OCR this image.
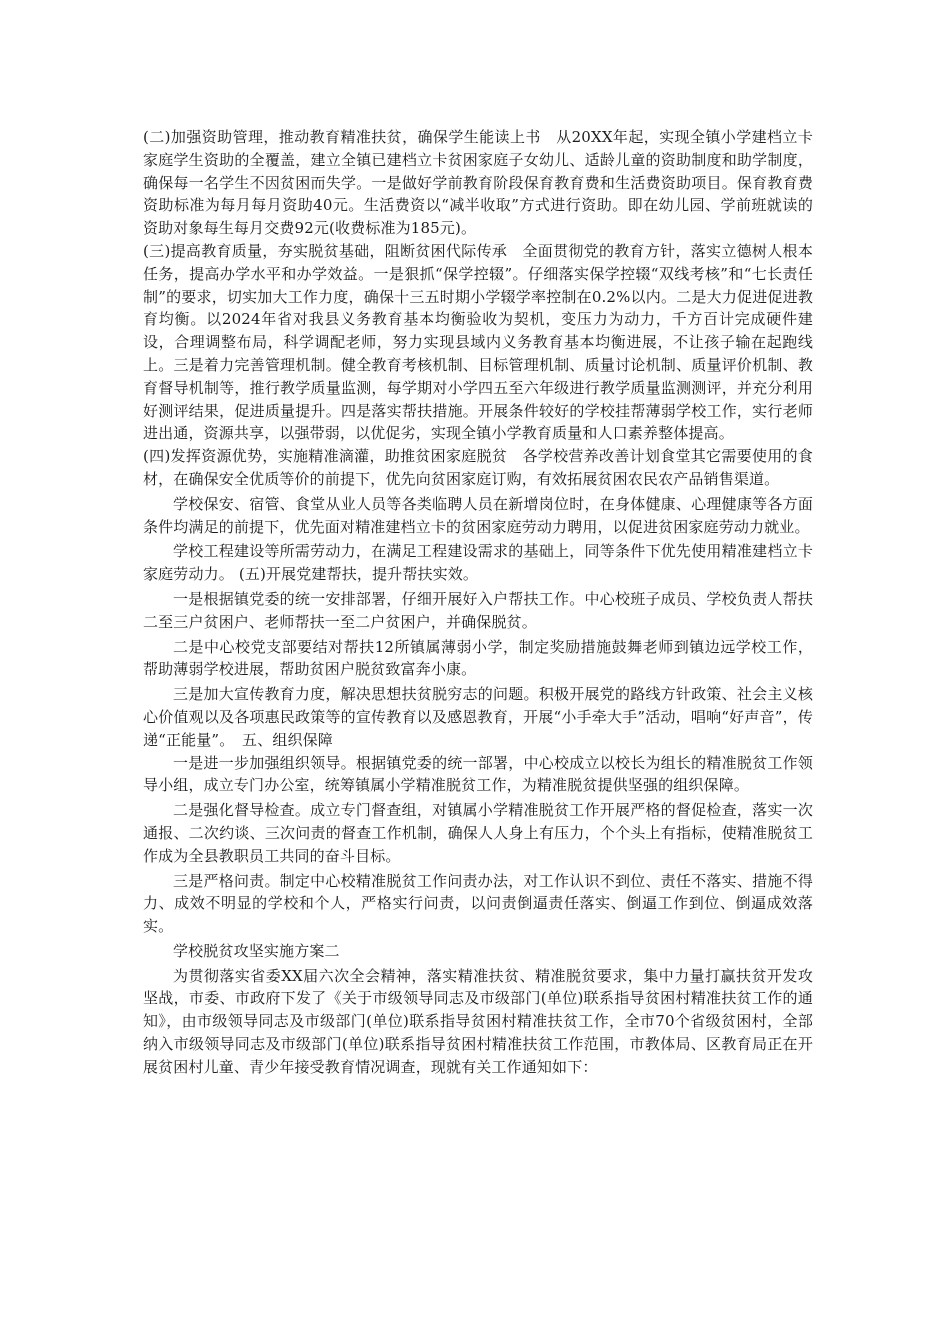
(二)加强资助管理，推动教育精准扶贫，确保学生能读上书　从20XX年起，实现全镇小学建档立卡家庭学生资助的全覆盖，建立全镇已建档立卡贫困家庭子女幼儿、适龄儿童的资助制度和助学制度，确保每一名学生不因贫困而失学。一是做好学前教育阶段保育教育费和生活费资助项目。保育教育费资助标准为每月每月资助40元。生活费资以“减半收取”方式进行资助。即在幼儿园、学前班就读的资助对象每生每月交费92元(收费标准为185元)。

(三)提高教育质量，夯实脱贫基础，阻断贫困代际传承　全面贯彻党的教育方针，落实立德树人根本任务，提高办学水平和办学效益。一是狠抓“保学控辍”。仔细落实保学控辍“双线考核”和“七长责任制”的要求，切实加大工作力度，确保十三五时期小学辍学率控制在0.2%以内。二是大力促进促进教育均衡。以2024年省对我县义务教育基本均衡验收为契机，变压力为动力，千方百计完成硬件建设，合理调整布局，科学调配老师，努力实现县域内义务教育基本均衡进展，不让孩子输在起跑线上。三是着力完善管理机制。健全教育考核机制、目标管理机制、质量讨论机制、质量评价机制、教育督导机制等，推行教学质量监测，每学期对小学四五至六年级进行教学质量监测测评，并充分利用好测评结果，促进质量提升。四是落实帮扶措施。开展条件较好的学校挂帮薄弱学校工作，实行老师进出通，资源共享，以强带弱，以优促劣，实现全镇小学教育质量和人口素养整体提高。

(四)发挥资源优势，实施精准滴灌，助推贫困家庭脱贫　各学校营养改善计划食堂其它需要使用的食材，在确保安全优质等价的前提下，优先向贫困家庭订购，有效拓展贫困农民农产品销售渠道。

学校保安、宿管、食堂从业人员等各类临聘人员在新增岗位时，在身体健康、心理健康等各方面条件均满足的前提下，优先面对精准建档立卡的贫困家庭劳动力聘用，以促进贫困家庭劳动力就业。

学校工程建设等所需劳动力，在满足工程建设需求的基础上，同等条件下优先使用精准建档立卡家庭劳动力。 (五)开展党建帮扶，提升帮扶实效。

一是根据镇党委的统一安排部署，仔细开展好入户帮扶工作。中心校班子成员、学校负责人帮扶二至三户贫困户、老师帮扶一至二户贫困户，并确保脱贫。

二是中心校党支部要结对帮扶12所镇属薄弱小学，制定奖励措施鼓舞老师到镇边远学校工作，帮助薄弱学校进展，帮助贫困户脱贫致富奔小康。

三是加大宣传教育力度，解决思想扶贫脱穷志的问题。积极开展党的路线方针政策、社会主义核心价值观以及各项惠民政策等的宣传教育以及感恩教育，开展“小手牵大手”活动，唱响“好声音”，传递“正能量”。　五、组织保障

一是进一步加强组织领导。根据镇党委的统一部署，中心校成立以校长为组长的精准脱贫工作领导小组，成立专门办公室，统筹镇属小学精准脱贫工作，为精准脱贫提供坚强的组织保障。

二是强化督导检查。成立专门督查组，对镇属小学精准脱贫工作开展严格的督促检查，落实一次通报、二次约谈、三次问责的督查工作机制，确保人人身上有压力，个个头上有指标，使精准脱贫工作成为全县教职员工共同的奋斗目标。

三是严格问责。制定中心校精准脱贫工作问责办法，对工作认识不到位、责任不落实、措施不得力、成效不明显的学校和个人，严格实行问责，以问责倒逼责任落实、倒逼工作到位、倒逼成效落实。

学校脱贫攻坚实施方案二

为贯彻落实省委XX届六次全会精神，落实精准扶贫、精准脱贫要求，集中力量打赢扶贫开发攻坚战，市委、市政府下发了《关于市级领导同志及市级部门(单位)联系指导贫困村精准扶贫工作的通知》，由市级领导同志及市级部门(单位)联系指导贫困村精准扶贫工作，全市70个省级贫困村，全部纳入市级领导同志及市级部门(单位)联系指导贫困村精准扶贫工作范围，市教体局、区教育局正在开展贫困村儿童、青少年接受教育情况调查，现就有关工作通知如下：
